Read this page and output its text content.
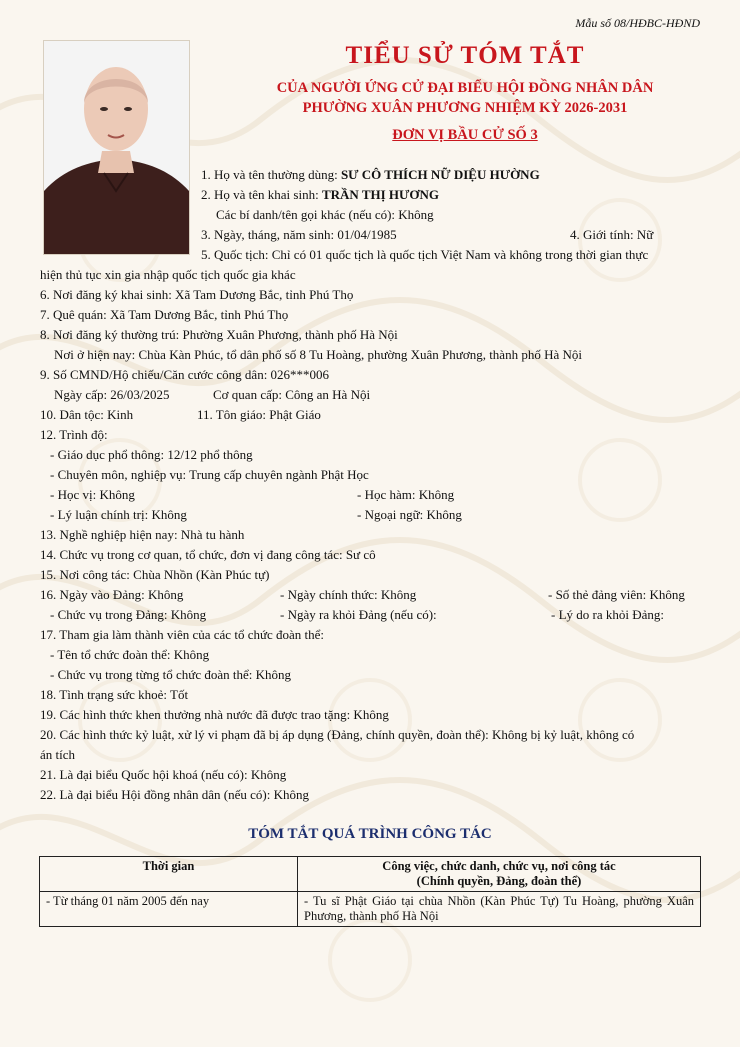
Mẫu số 08/HĐBC-HĐND
TIỂU SỬ TÓM TẮT
CỦA NGƯỜI ỨNG CỬ ĐẠI BIỂU HỘI ĐỒNG NHÂN DÂN
PHƯỜNG XUÂN PHƯƠNG NHIỆM KỲ 2026-2031
ĐƠN VỊ BẦU CỬ SỐ 3
1. Họ và tên thường dùng: SƯ CÔ THÍCH NỮ DIỆU HƯỜNG
2. Họ và tên khai sinh: TRẦN THỊ HƯƠNG
Các bí danh/tên gọi khác (nếu có): Không
3. Ngày, tháng, năm sinh: 01/04/1985	4. Giới tính: Nữ
5. Quốc tịch: Chỉ có 01 quốc tịch là quốc tịch Việt Nam và không trong thời gian thực
hiện thủ tục xin gia nhập quốc tịch quốc gia khác
6. Nơi đăng ký khai sinh: Xã Tam Dương Bắc, tỉnh Phú Thọ
7. Quê quán: Xã Tam Dương Bắc, tỉnh Phú Thọ
8. Nơi đăng ký thường trú: Phường Xuân Phương, thành phố Hà Nội
Nơi ở hiện nay: Chùa Kàn Phúc, tổ dân phố số 8 Tu Hoàng, phường Xuân Phương, thành phố Hà Nội
9. Số CMND/Hộ chiếu/Căn cước công dân: 026***006
Ngày cấp: 26/03/2025	Cơ quan cấp: Công an Hà Nội
10. Dân tộc: Kinh	11. Tôn giáo: Phật Giáo
12. Trình độ:
- Giáo dục phổ thông: 12/12 phổ thông
- Chuyên môn, nghiệp vụ: Trung cấp chuyên ngành Phật Học
- Học vị: Không	- Học hàm: Không
- Lý luận chính trị: Không	- Ngoại ngữ: Không
13. Nghề nghiệp hiện nay: Nhà tu hành
14. Chức vụ trong cơ quan, tổ chức, đơn vị đang công tác: Sư cô
15. Nơi công tác: Chùa Nhồn (Kàn Phúc tự)
16. Ngày vào Đảng: Không	- Ngày chính thức: Không	- Số thẻ đảng viên: Không
- Chức vụ trong Đảng: Không	- Ngày ra khỏi Đảng (nếu có):	- Lý do ra khỏi Đảng:
17. Tham gia làm thành viên của các tổ chức đoàn thể:
- Tên tổ chức đoàn thể: Không
- Chức vụ trong từng tổ chức đoàn thể: Không
18. Tình trạng sức khoẻ: Tốt
19. Các hình thức khen thưởng nhà nước đã được trao tặng: Không
20. Các hình thức kỷ luật, xử lý vi phạm đã bị áp dụng (Đảng, chính quyền, đoàn thể): Không bị kỷ luật, không có
án tích
21. Là đại biểu Quốc hội khoá (nếu có): Không
22. Là đại biểu Hội đồng nhân dân (nếu có): Không
TÓM TẮT QUÁ TRÌNH CÔNG TÁC
Thời gian	Công việc, chức danh, chức vụ, nơi công tác
(Chính quyền, Đảng, đoàn thể)

- Từ tháng 01 năm 2005 đến nay	- Tu sĩ Phật Giáo tại chùa Nhồn (Kàn Phúc Tự) Tu Hoàng, phường Xuân Phương, thành phố Hà Nội
